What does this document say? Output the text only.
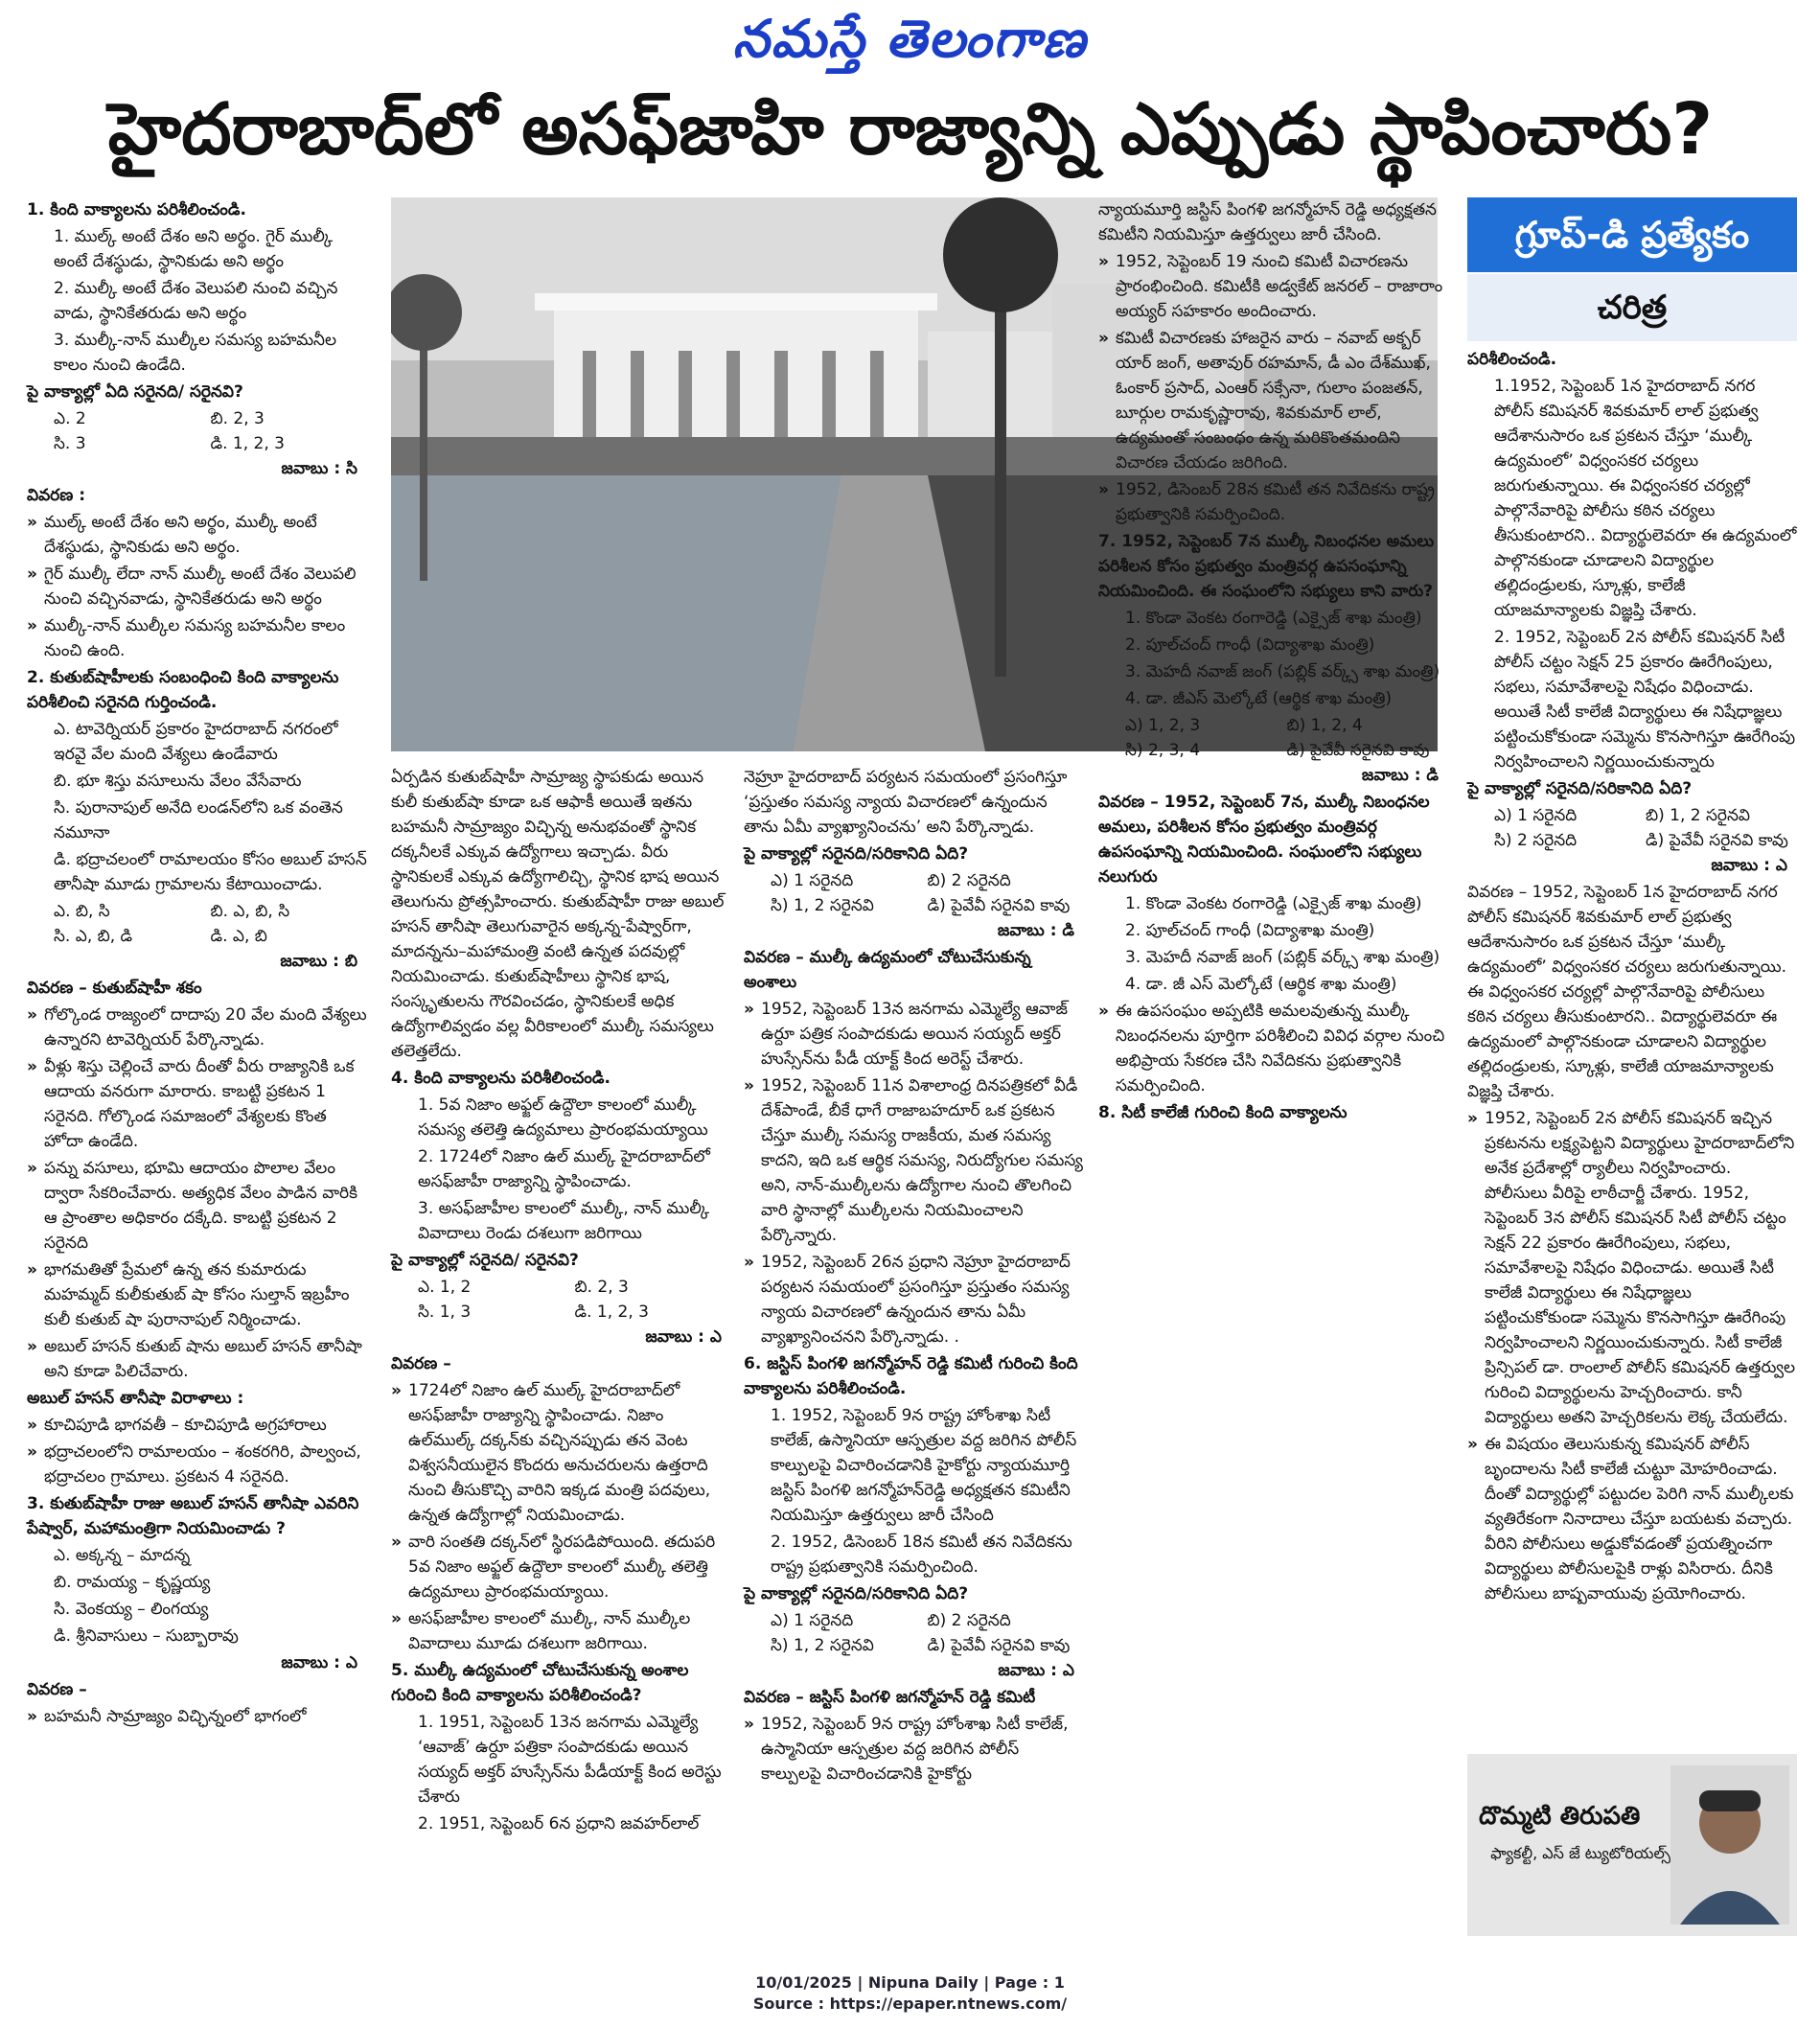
నమస్తే తెలంగాణ
హైదరాబాద్‌లో అసఫ్‌జాహి రాజ్యాన్ని ఎప్పుడు స్థాపించారు?
గ్రూప్-డి ప్రత్యేకం
చరిత్ర

1. కింది వాక్యాలను పరిశీలించండి.

1. ముల్క్ అంటే దేశం అని అర్థం. గైర్ ముల్కీ అంటే దేశస్థుడు, స్థానికుడు అని అర్థం

2. ముల్కీ అంటే దేశం వెలుపలి నుంచి వచ్చిన వాడు, స్థానికేతరుడు అని అర్థం

3. ముల్కీ-నాన్ ముల్కీల సమస్య బహమనీల కాలం నుంచి ఉండేది.

పై వాక్యాల్లో ఏది సరైనది/ సరైనవి?

ఎ. 2	బి. 2, 3
సి. 3	డి. 1, 2, 3

జవాబు : సి

వివరణ :

» ముల్క్ అంటే దేశం అని అర్థం, ముల్కీ అంటే దేశస్థుడు, స్థానికుడు అని అర్థం.

» గైర్ ముల్కీ లేదా నాన్ ముల్కీ అంటే దేశం వెలుపలి నుంచి వచ్చినవాడు, స్థానికేతరుడు అని అర్థం

» ముల్కీ-నాన్ ముల్కీల సమస్య బహమనీల కాలం నుంచి ఉంది.

2. కుతుబ్‌షాహీలకు సంబంధించి కింది వాక్యాలను పరిశీలించి సరైనది గుర్తించండి.

ఎ. టావెర్నియర్ ప్రకారం హైదరాబాద్ నగరంలో ఇరవై వేల మంది వేశ్యలు ఉండేవారు

బి. భూ శిస్తు వసూలును వేలం వేసేవారు

సి. పురానాపుల్ అనేది లండన్‌లోని ఒక వంతెన నమూనా

డి. భద్రాచలంలో రామాలయం కోసం అబుల్ హసన్ తానీషా మూడు గ్రామాలను కేటాయించాడు.

ఎ. బి, సి	బి. ఎ, బి, సి
సి. ఎ, బి, డి	డి. ఎ, బి

జవాబు : బి

వివరణ – కుతుబ్‌షాహీ శకం

» గోల్కొండ రాజ్యంలో దాదాపు 20 వేల మంది వేశ్యలు ఉన్నారని టావెర్నియర్ పేర్కొన్నాడు.

» వీళ్లు శిస్తు చెల్లించే వారు దీంతో వీరు రాజ్యానికి ఒక ఆదాయ వనరుగా మారారు. కాబట్టి ప్రకటన 1 సరైనది. గోల్కొండ సమాజంలో వేశ్యలకు కొంత హోదా ఉండేది.

» పన్ను వసూలు, భూమి ఆదాయం పొలాల వేలం ద్వారా సేకరించేవారు. అత్యధిక వేలం పాడిన వారికి ఆ ప్రాంతాల అధికారం దక్కేది. కాబట్టి ప్రకటన 2 సరైనది

» భాగమతితో ప్రేమలో ఉన్న తన కుమారుడు మహమ్మద్ కులీకుతుబ్ షా కోసం సుల్తాన్ ఇబ్రహీం కులీ కుతుబ్ షా పురానాపుల్ నిర్మించాడు.

» అబుల్ హసన్ కుతుబ్ షాను అబుల్ హసన్ తానీషా అని కూడా పిలిచేవారు.

అబుల్ హసన్ తానీషా విరాళాలు :

» కూచిపూడి భాగవతీ – కూచిపూడి అగ్రహారాలు

» భద్రాచలంలోని రామాలయం – శంకరగిరి, పాల్వంచ, భద్రాచలం గ్రామాలు. ప్రకటన 4 సరైనది.

3. కుతుబ్‌షాహీ రాజు అబుల్ హసన్ తానీషా ఎవరిని పేష్వార్, మహామంత్రిగా నియమించాడు ?

ఎ. అక్కన్న – మాదన్న

బి. రామయ్య – కృష్ణయ్య

సి. వెంకయ్య – లింగయ్య

డి. శ్రీనివాసులు – సుబ్బారావు

జవాబు : ఎ

వివరణ –

» బహమనీ సామ్రాజ్యం విచ్ఛిన్నంలో భాగంలో

ఏర్పడిన కుతుబ్‌షాహీ సామ్రాజ్య స్థాపకుడు అయిన కులీ కుతుబ్‌షా కూడా ఒక ఆఫాకీ అయితే ఇతను బహమనీ సామ్రాజ్యం విచ్ఛిన్న అనుభవంతో స్థానిక దక్కనీలకే ఎక్కువ ఉద్యోగాలు ఇచ్చాడు. వీరు స్థానికులకే ఎక్కువ ఉద్యోగాలిచ్చి, స్థానిక భాష అయిన తెలుగును ప్రోత్సహించారు. కుతుబ్‌షాహీ రాజు అబుల్ హసన్ తానీషా తెలుగువారైన అక్కన్న-పేష్వార్‌గా, మాదన్నను–మహామంత్రి వంటి ఉన్నత పదవుల్లో నియమించాడు. కుతుబ్‌షాహీలు స్థానిక భాష, సంస్కృతులను గౌరవించడం, స్థానికులకే అధిక ఉద్యోగాలివ్వడం వల్ల వీరికాలంలో ముల్కీ సమస్యలు తలెత్తలేదు.

4. కింది వాక్యాలను పరిశీలించండి.

1. 5వ నిజాం అఫ్జల్ ఉద్దౌలా కాలంలో ముల్కీ సమస్య తలెత్తి ఉద్యమాలు ప్రారంభమయ్యాయి

2. 1724లో నిజాం ఉల్ ముల్క్ హైదరాబాద్‌లో అసఫ్‌జాహీ రాజ్యాన్ని స్థాపించాడు.

3. అసఫ్‌జాహీల కాలంలో ముల్కీ, నాన్ ముల్కీ వివాదాలు రెండు దశలుగా జరిగాయి

పై వాక్యాల్లో సరైనది/ సరైనవి?

ఎ. 1, 2	బి. 2, 3
సి. 1, 3	డి. 1, 2, 3

జవాబు : ఎ

వివరణ –

» 1724లో నిజాం ఉల్ ముల్క్ హైదరాబాద్‌లో అసఫ్‌జాహీ రాజ్యాన్ని స్థాపించాడు. నిజాం ఉల్‌ముల్క్ దక్కన్‌కు వచ్చినప్పుడు తన వెంట విశ్వసనీయులైన కొందరు అనుచరులను ఉత్తరాది నుంచి తీసుకొచ్చి వారిని ఇక్కడ మంత్రి పదవులు, ఉన్నత ఉద్యోగాల్లో నియమించాడు.

» వారి సంతతి దక్కన్‌లో స్థిరపడిపోయింది. తదుపరి 5వ నిజాం అఫ్జల్ ఉద్దౌలా కాలంలో ముల్కీ తలెత్తి ఉద్యమాలు ప్రారంభమయ్యాయి.

» అసఫ్‌జాహీల కాలంలో ముల్కీ, నాన్ ముల్కీల వివాదాలు మూడు దశలుగా జరిగాయి.

5. ముల్కీ ఉద్యమంలో చోటుచేసుకున్న అంశాల గురించి కింది వాక్యాలను పరిశీలించండి?

1. 1951, సెప్టెంబర్ 13న జనగామ ఎమ్మెల్యే ‘ఆవాజ్’ ఉర్దూ పత్రికా సంపాదకుడు అయిన సయ్యద్ అక్తర్ హుస్సేన్‌ను పీడీయాక్ట్ కింద అరెస్టు చేశారు

2. 1951, సెప్టెంబర్ 6న ప్రధాని జవహర్‌లాల్

నెహ్రూ హైదరాబాద్ పర్యటన సమయంలో ప్రసంగిస్తూ ‘ప్రస్తుతం సమస్య న్యాయ విచారణలో ఉన్నందున తాను ఏమీ వ్యాఖ్యానించను’ అని పేర్కొన్నాడు.

పై వాక్యాల్లో సరైనది/సరికానిది ఏది?

ఎ) 1 సరైనది	బి) 2 సరైనది
సి) 1, 2 సరైనవి	డి) పైవేవీ సరైనవి కావు

జవాబు : డి

వివరణ – ముల్కీ ఉద్యమంలో చోటుచేసుకున్న అంశాలు

» 1952, సెప్టెంబర్ 13న జనగామ ఎమ్మెల్యే ఆవాజ్ ఉర్దూ పత్రిక సంపాదకుడు అయిన సయ్యద్ అక్తర్ హుస్సేన్‌ను పీడీ యాక్ట్ కింద అరెస్ట్ చేశారు.

» 1952, సెప్టెంబర్ 11న విశాలాంధ్ర దినపత్రికలో వీడీ దేశ్‌పాండే, బీకే ధాగే రాజాబహదూర్ ఒక ప్రకటన చేస్తూ ముల్కీ సమస్య రాజకీయ, మత సమస్య కాదని, ఇది ఒక ఆర్థిక సమస్య, నిరుద్యోగుల సమస్య అని, నాన్-ముల్కీలను ఉద్యోగాల నుంచి తొలగించి వారి స్థానాల్లో ముల్కీలను నియమించాలని పేర్కొన్నారు.

» 1952, సెప్టెంబర్ 26న ప్రధాని నెహ్రూ హైదరాబాద్ పర్యటన సమయంలో ప్రసంగిస్తూ ప్రస్తుతం సమస్య న్యాయ విచారణలో ఉన్నందున తాను ఏమీ వ్యాఖ్యానించనని పేర్కొన్నాడు. .

6. జస్టిస్ పింగళి జగన్మోహన్ రెడ్డి కమిటీ గురించి కింది వాక్యాలను పరిశీలించండి.

1. 1952, సెప్టెంబర్ 9న రాష్ట్ర హోంశాఖ సిటీ కాలేజ్, ఉస్మానియా ఆస్పత్రుల వద్ద జరిగిన పోలీస్ కాల్పులపై విచారించడానికి హైకోర్టు న్యాయమూర్తి జస్టిస్ పింగళి జగన్మోహన్‌రెడ్డి అధ్యక్షతన కమిటీని నియమిస్తూ ఉత్తర్వులు జారీ చేసింది

2. 1952, డిసెంబర్ 18న కమిటీ తన నివేదికను రాష్ట్ర ప్రభుత్వానికి సమర్పించింది.

పై వాక్యాల్లో సరైనది/సరికానిది ఏది?

ఎ) 1 సరైనది	బి) 2 సరైనది
సి) 1, 2 సరైనవి	డి) పైవేవీ సరైనవి కావు

జవాబు : ఎ

వివరణ – జస్టిస్ పింగళి జగన్మోహన్ రెడ్డి కమిటీ

» 1952, సెప్టెంబర్ 9న రాష్ట్ర హోంశాఖ సిటీ కాలేజ్, ఉస్మానియా ఆస్పత్రుల వద్ద జరిగిన పోలీస్ కాల్పులపై విచారించడానికి హైకోర్టు

న్యాయమూర్తి జస్టిస్ పింగళి జగన్మోహన్ రెడ్డి అధ్యక్షతన కమిటీని నియమిస్తూ ఉత్తర్వులు జారీ చేసింది.

» 1952, సెప్టెంబర్ 19 నుంచి కమిటీ విచారణను ప్రారంభించింది. కమిటీకి అడ్వకేట్ జనరల్ – రాజారాం అయ్యర్ సహకారం అందించారు.

» కమిటీ విచారణకు హాజరైన వారు – నవాబ్ అక్బర్ యార్ జంగ్, అతావుర్ రహమాన్, డీ ఎం దేశ్‌ముఖ్, ఓంకార్ ప్రసాద్, ఎంఆర్ సక్సేనా, గులాం పంజతన్, బూర్గుల రామకృష్ణారావు, శివకుమార్ లాల్, ఉద్యమంతో సంబంధం ఉన్న మరికొంతమందిని విచారణ చేయడం జరిగింది.

» 1952, డిసెంబర్ 28న కమిటీ తన నివేదికను రాష్ట్ర ప్రభుత్వానికి సమర్పించింది.

7. 1952, సెప్టెంబర్ 7న ముల్కీ నిబంధనల అమలు పరిశీలన కోసం ప్రభుత్వం మంత్రివర్గ ఉపసంఘాన్ని నియమించింది. ఈ సంఘంలోని సభ్యులు కాని వారు?

1. కొండా వెంకట రంగారెడ్డి (ఎక్సైజ్ శాఖ మంత్రి)

2. పూల్‌చంద్ గాంధీ (విద్యాశాఖ మంత్రి)

3. మెహదీ నవాజ్ జంగ్ (పబ్లిక్ వర్క్స్ శాఖ మంత్రి)

4. డా. జీఎస్ మెల్కోటే (ఆర్థిక శాఖ మంత్రి)

ఎ) 1, 2, 3	బి) 1, 2, 4
సి) 2, 3, 4	డి) పైవేవీ సరైనవి కావు

జవాబు : డి

వివరణ – 1952, సెప్టెంబర్ 7న, ముల్కీ నిబంధనల అమలు, పరిశీలన కోసం ప్రభుత్వం మంత్రివర్గ ఉపసంఘాన్ని నియమించింది. సంఘంలోని సభ్యులు నలుగురు

1. కొండా వెంకట రంగారెడ్డి (ఎక్సైజ్ శాఖ మంత్రి)

2. పూల్‌చంద్ గాంధీ (విద్యాశాఖ మంత్రి)

3. మెహదీ నవాజ్ జంగ్ (పబ్లిక్ వర్క్స్ శాఖ మంత్రి)

4. డా. జీ ఎస్ మెల్కోటే (ఆర్థిక శాఖ మంత్రి)

» ఈ ఉపసంఘం అప్పటికి అమలవుతున్న ముల్కీ నిబంధనలను పూర్తిగా పరిశీలించి వివిధ వర్గాల నుంచి అభిప్రాయ సేకరణ చేసి నివేదికను ప్రభుత్వానికి సమర్పించింది.

8. సిటీ కాలేజీ గురించి కింది వాక్యాలను

పరిశీలించండి.

1.1952, సెప్టెంబర్ 1న హైదరాబాద్ నగర పోలీస్ కమిషనర్ శివకుమార్ లాల్ ప్రభుత్వ ఆదేశానుసారం ఒక ప్రకటన చేస్తూ ‘ముల్కీ ఉద్యమంలో’ విధ్వంసకర చర్యలు జరుగుతున్నాయి. ఈ విధ్వంసకర చర్యల్లో పాల్గొనేవారిపై పోలీసు కఠిన చర్యలు తీసుకుంటారని.. విద్యార్థులెవరూ ఈ ఉద్యమంలో పాల్గొనకుండా చూడాలని విద్యార్థుల తల్లిదండ్రులకు, స్కూళ్లు, కాలేజీ యాజమాన్యాలకు విజ్ఞప్తి చేశారు.

2. 1952, సెప్టెంబర్ 2న పోలీస్ కమిషనర్ సిటీ పోలీస్ చట్టం సెక్షన్ 25 ప్రకారం ఊరేగింపులు, సభలు, సమావేశాలపై నిషేధం విధించాడు. అయితే సిటీ కాలేజీ విద్యార్థులు ఈ నిషేధాజ్ఞలు పట్టించుకోకుండా సమ్మెను కొనసాగిస్తూ ఊరేగింపు నిర్వహించాలని నిర్ణయించుకున్నారు

పై వాక్యాల్లో సరైనది/సరికానిది ఏది?

ఎ) 1 సరైనది	బి) 1, 2 సరైనవి
సి) 2 సరైనది	డి) పైవేవీ సరైనవి కావు

జవాబు : ఎ

వివరణ – 1952, సెప్టెంబర్ 1న హైదరాబాద్ నగర పోలీస్ కమిషనర్ శివకుమార్ లాల్ ప్రభుత్వ ఆదేశానుసారం ఒక ప్రకటన చేస్తూ ‘ముల్కీ ఉద్యమంలో’ విధ్వంసకర చర్యలు జరుగుతున్నాయి. ఈ విధ్వంసకర చర్యల్లో పాల్గొనేవారిపై పోలీసులు కఠిన చర్యలు తీసుకుంటారని.. విద్యార్థులెవరూ ఈ ఉద్యమంలో పాల్గొనకుండా చూడాలని విద్యార్థుల తల్లిదండ్రులకు, స్కూళ్లు, కాలేజీ యాజమాన్యాలకు విజ్ఞప్తి చేశారు.

» 1952, సెప్టెంబర్ 2న పోలీస్ కమిషనర్ ఇచ్చిన ప్రకటనను లక్ష్యపెట్టని విద్యార్థులు హైదరాబాద్‌లోని అనేక ప్రదేశాల్లో ర్యాలీలు నిర్వహించారు. పోలీసులు వీరిపై లాఠీచార్జీ చేశారు. 1952, సెప్టెంబర్ 3న పోలీస్ కమిషనర్ సిటీ పోలీస్ చట్టం సెక్షన్ 22 ప్రకారం ఊరేగింపులు, సభలు, సమావేశాలపై నిషేధం విధించాడు. అయితే సిటీ కాలేజీ విద్యార్థులు ఈ నిషేధాజ్ఞలు పట్టించుకోకుండా సమ్మెను కొనసాగిస్తూ ఊరేగింపు నిర్వహించాలని నిర్ణయించుకున్నారు. సిటీ కాలేజీ ప్రిన్సిపల్ డా. రాంలాల్ పోలీస్ కమిషనర్ ఉత్తర్వుల గురించి విద్యార్థులను హెచ్చరించారు. కానీ విద్యార్థులు అతని హెచ్చరికలను లెక్క చేయలేదు.

» ఈ విషయం తెలుసుకున్న కమిషనర్ పోలీస్ బృందాలను సిటీ కాలేజీ చుట్టూ మోహరించాడు. దీంతో విద్యార్థుల్లో పట్టుదల పెరిగి నాన్ ముల్కీలకు వ్యతిరేకంగా నినాదాలు చేస్తూ బయటకు వచ్చారు. వీరిని పోలీసులు అడ్డుకోవడంతో ప్రయత్నించగా విద్యార్థులు పోలీసులపైకి రాళ్లు విసిరారు. దీనికి పోలీసులు బాష్పవాయువు ప్రయోగించారు.

దొమ్మటి తిరుపతి
ఫ్యాకల్టీ, ఎస్ జే ట్యుటోరియల్స్
10/01/2025 | Nipuna Daily | Page : 1
Source : https://epaper.ntnews.com/
